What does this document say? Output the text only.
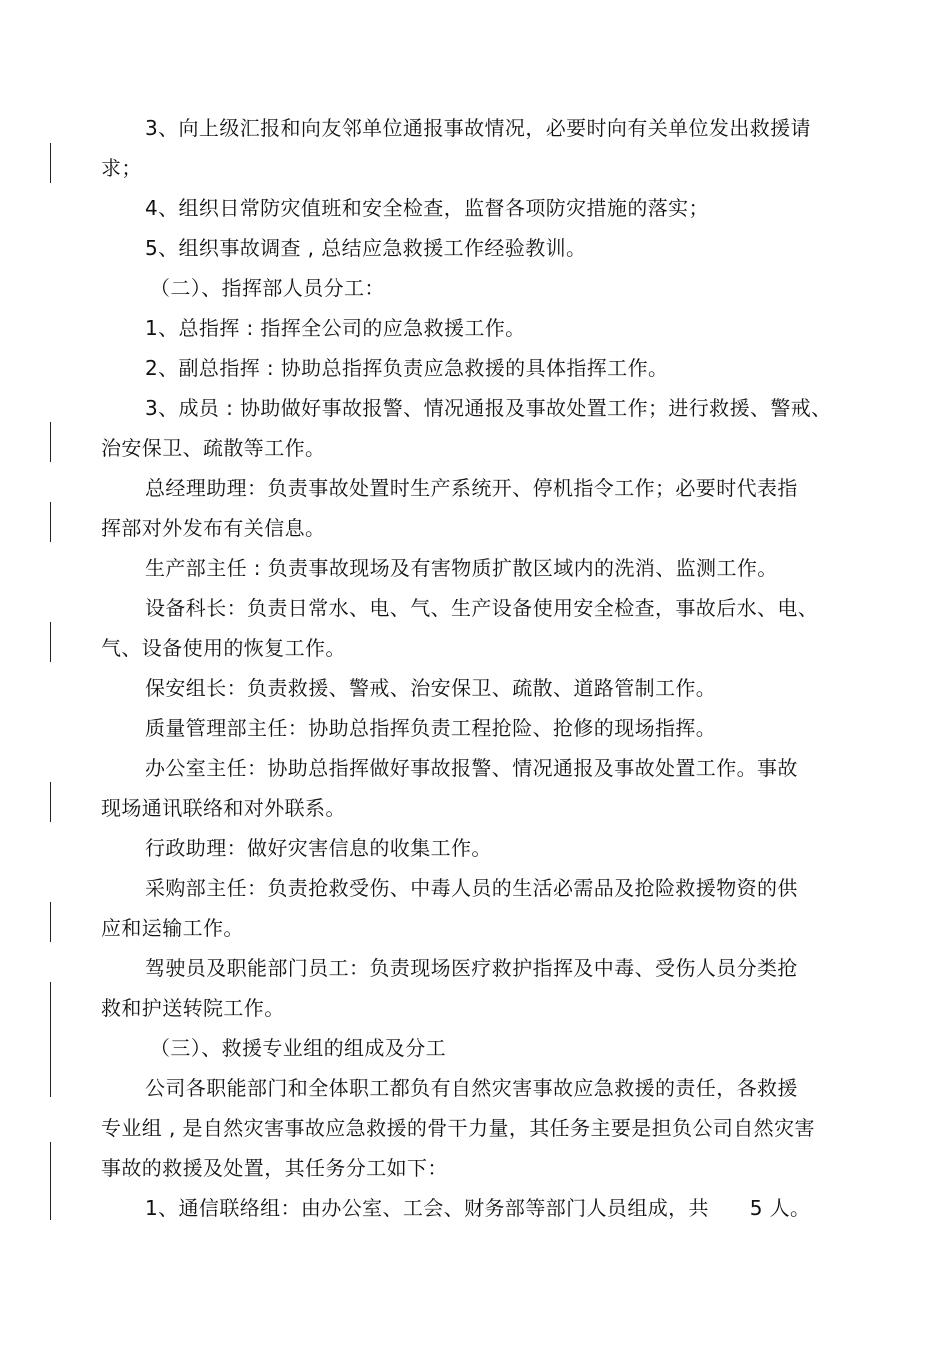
3、向上级汇报和向友邻单位通报事故情况，必要时向有关单位发出救援请
求；
4、组织日常防灾值班和安全检查，监督各项防灾措施的落实；
5、组织事故调查 , 总结应急救援工作经验教训。
（二）、指挥部人员分工：
1、总指挥 : 指挥全公司的应急救援工作。
2、副总指挥 : 协助总指挥负责应急救援的具体指挥工作。
3、成员 : 协助做好事故报警、情况通报及事故处置工作；进行救援、警戒、
治安保卫、疏散等工作。
总经理助理：负责事故处置时生产系统开、停机指令工作；必要时代表指
挥部对外发布有关信息。
生产部主任 : 负责事故现场及有害物质扩散区域内的洗消、监测工作。
设备科长：负责日常水、电、气、生产设备使用安全检查，事故后水、电、
气、设备使用的恢复工作。
保安组长：负责救援、警戒、治安保卫、疏散、道路管制工作。
质量管理部主任：协助总指挥负责工程抢险、抢修的现场指挥。
办公室主任：协助总指挥做好事故报警、情况通报及事故处置工作。事故
现场通讯联络和对外联系。
行政助理：做好灾害信息的收集工作。
采购部主任：负责抢救受伤、中毒人员的生活必需品及抢险救援物资的供
应和运输工作。
驾驶员及职能部门员工：负责现场医疗救护指挥及中毒、受伤人员分类抢
救和护送转院工作。
（三）、救援专业组的组成及分工
公司各职能部门和全体职工都负有自然灾害事故应急救援的责任，各救援
专业组 , 是自然灾害事故应急救援的骨干力量，其任务主要是担负公司自然灾害
事故的救援及处置，其任务分工如下：
1、通信联络组：由办公室、工会、财务部等部门人员组成，共　　5 人。
